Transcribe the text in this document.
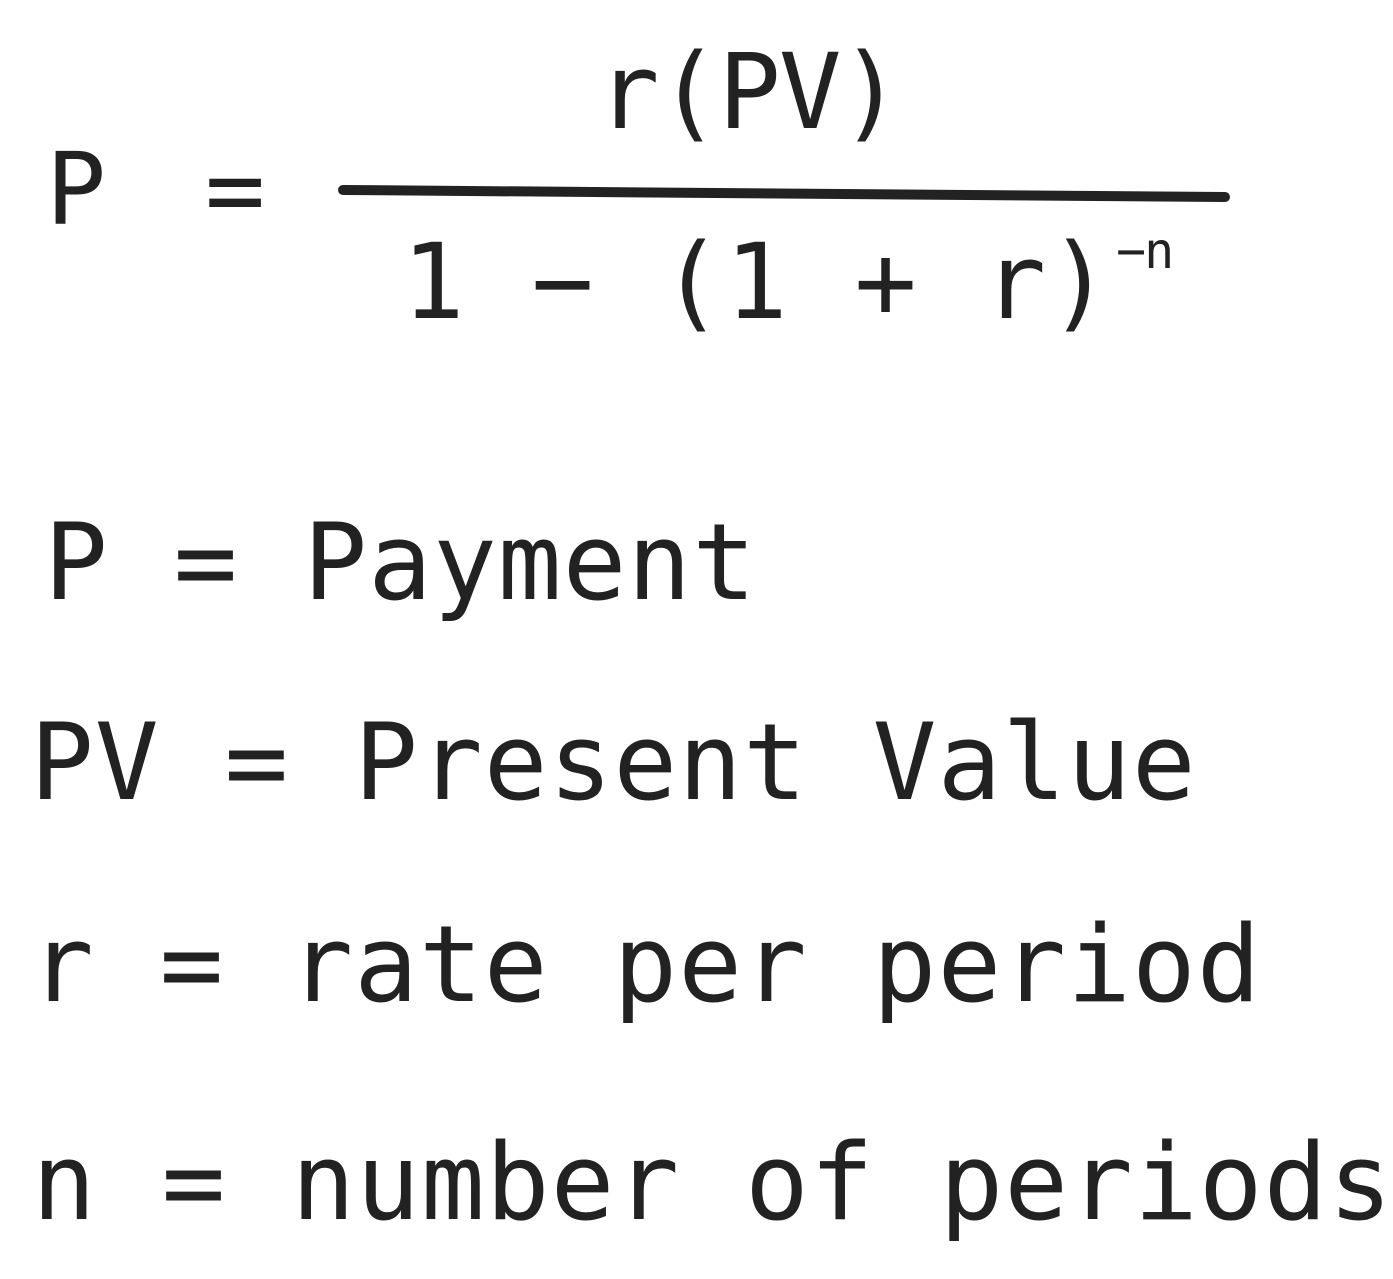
P =
r(PV)
1 − (1 + r) −n
P = Payment
PV = Present Value
r = rate per period
n = number of periods
